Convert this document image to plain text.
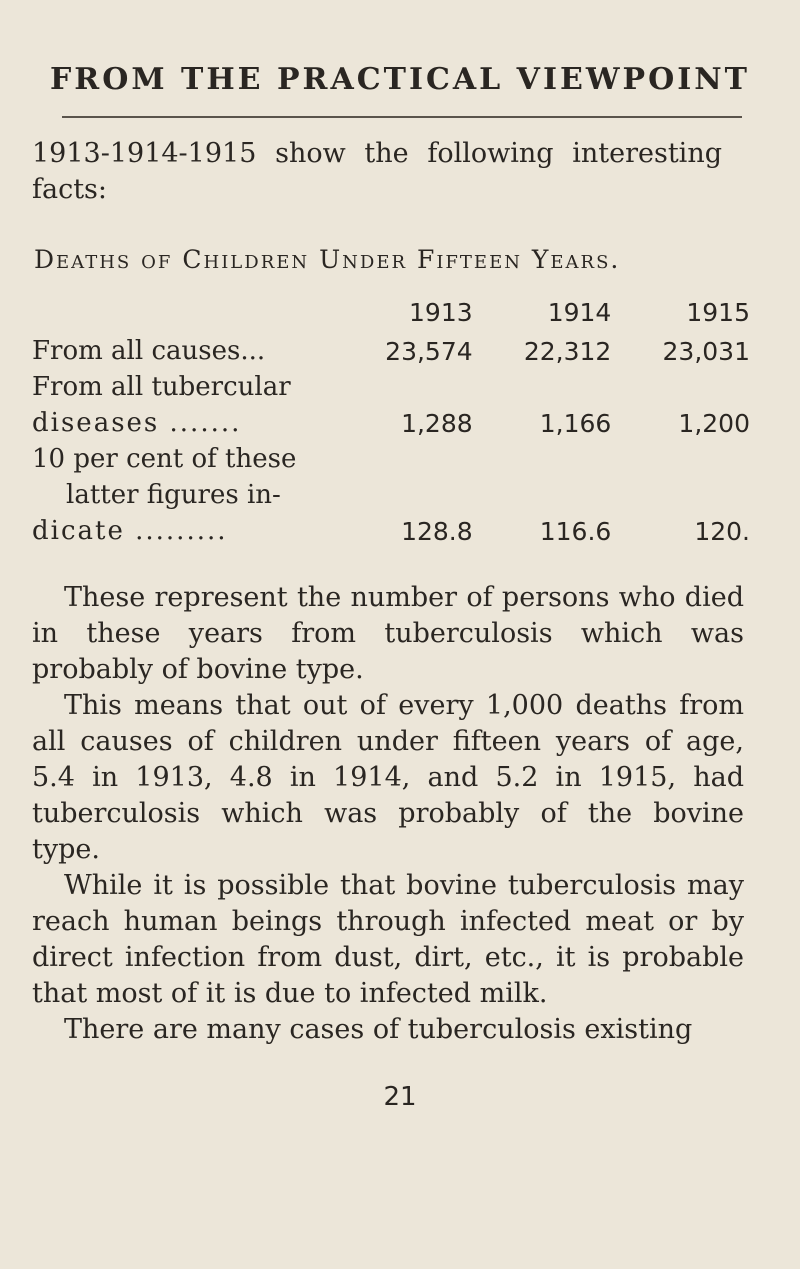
FROM THE PRACTICAL VIEWPOINT
1913-1914-1915 show the following interesting facts:
Deaths of Children Under Fifteen Years.
	1913	1914	1915
From all causes...	23,574	22,312	23,031
From all tubercular			
diseases .......	1,288	1,166	1,200
10 per cent of these			
latter figures in-			
dicate .........	128.8	116.6	120.

These represent the number of persons who died in these years from tuberculosis which was probably of bovine type.

This means that out of every 1,000 deaths from all causes of children under fifteen years of age, 5.4 in 1913, 4.8 in 1914, and 5.2 in 1915, had tuberculosis which was probably of the bovine type.

While it is possible that bovine tuberculosis may reach human beings through infected meat or by direct infection from dust, dirt, etc., it is probable that most of it is due to infected milk.

There are many cases of tuberculosis existing

21
